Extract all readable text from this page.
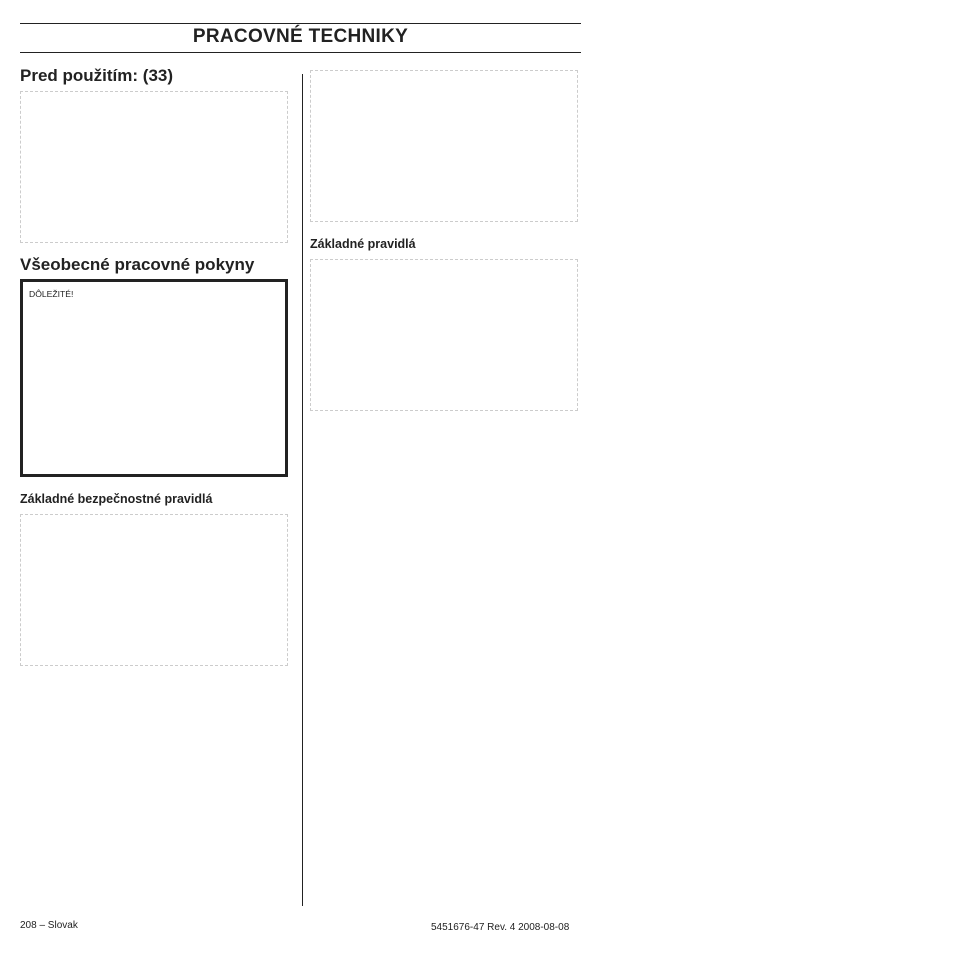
PRACOVNÉ TECHNIKY
Pred použitím: (33)
Všeobecné pracovné pokyny
DÔLEŽITÉ!
Základné bezpečnostné pravidlá
Základné pravidlá
208 – Slovak	5451676-47 Rev. 4 2008-08-08
